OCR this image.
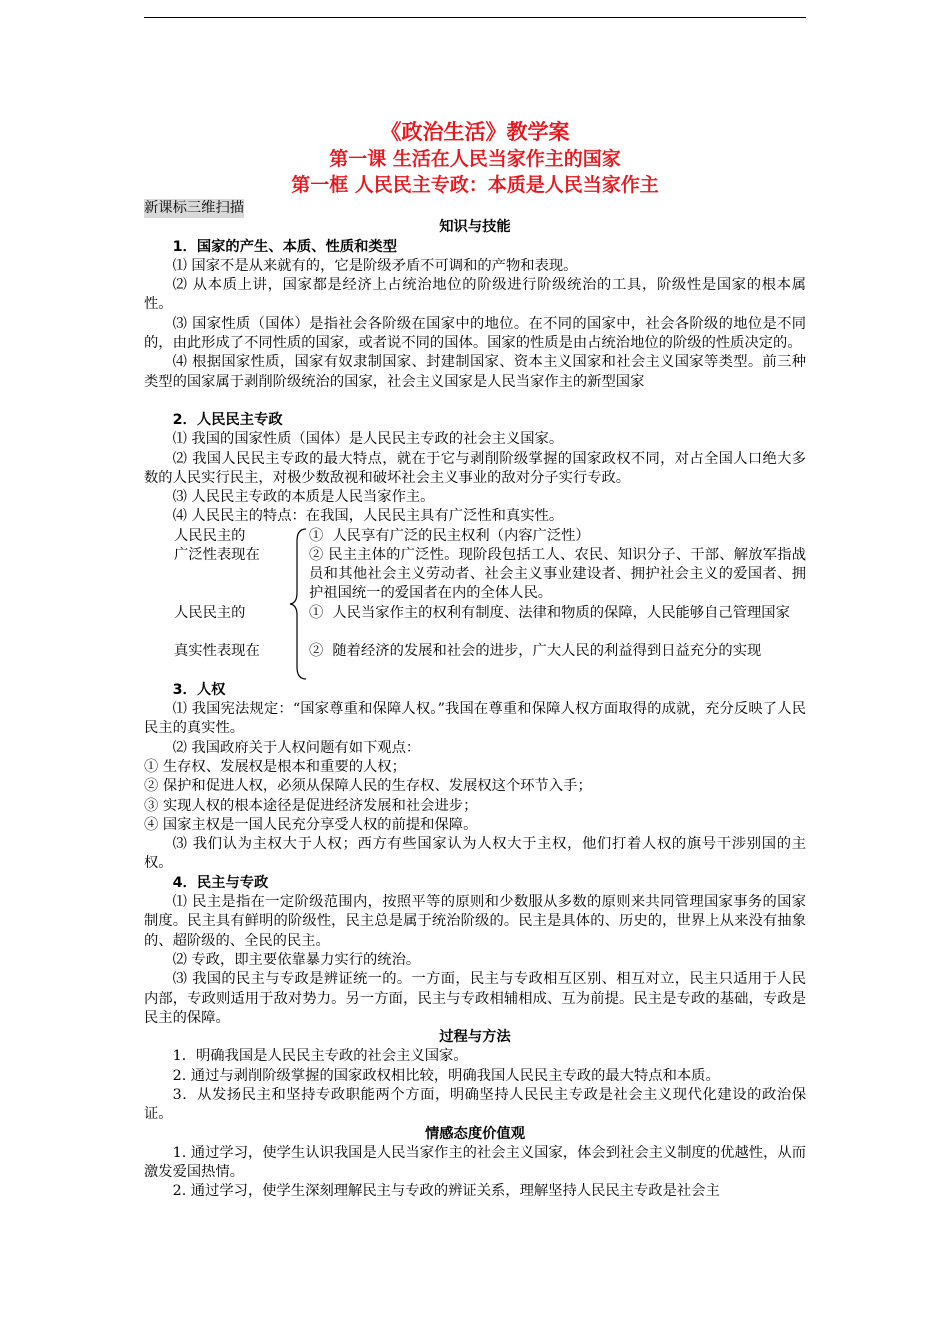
《政治生活》教学案
第一课 生活在人民当家作主的国家
第一框 人民民主专政：本质是人民当家作主
新课标三维扫描
知识与技能
1．国家的产生、本质、性质和类型
⑴ 国家不是从来就有的，它是阶级矛盾不可调和的产物和表现。
⑵ 从本质上讲，国家都是经济上占统治地位的阶级进行阶级统治的工具，阶级性是国家的根本属性。
⑶ 国家性质（国体）是指社会各阶级在国家中的地位。在不同的国家中，社会各阶级的地位是不同的，由此形成了不同性质的国家，或者说不同的国体。国家的性质是由占统治地位的阶级的性质决定的。
⑷ 根据国家性质，国家有奴隶制国家、封建制国家、资本主义国家和社会主义国家等类型。前三种类型的国家属于剥削阶级统治的国家，社会主义国家是人民当家作主的新型国家
2．人民民主专政
⑴ 我国的国家性质（国体）是人民民主专政的社会主义国家。
⑵ 我国人民民主专政的最大特点，就在于它与剥削阶级掌握的国家政权不同，对占全国人口绝大多数的人民实行民主，对极少数敌视和破坏社会主义事业的敌对分子实行专政。
⑶ 人民民主专政的本质是人民当家作主。
⑷ 人民民主的特点：在我国，人民民主具有广泛性和真实性。
人民民主的
广泛性表现在
①  人民享有广泛的民主权利（内容广泛性）
② 民主主体的广泛性。现阶段包括工人、农民、知识分子、干部、解放军指战员和其他社会主义劳动者、社会主义事业建设者、拥护社会主义的爱国者、拥护祖国统一的爱国者在内的全体人民。
人民民主的
真实性表现在
①  人民当家作主的权利有制度、法律和物质的保障，人民能够自己管理国家
②  随着经济的发展和社会的进步，广大人民的利益得到日益充分的实现
3．人权
⑴ 我国宪法规定：“国家尊重和保障人权。”我国在尊重和保障人权方面取得的成就，充分反映了人民民主的真实性。
⑵ 我国政府关于人权问题有如下观点：
① 生存权、发展权是根本和重要的人权；
② 保护和促进人权，必须从保障人民的生存权、发展权这个环节入手；
③ 实现人权的根本途径是促进经济发展和社会进步；
④ 国家主权是一国人民充分享受人权的前提和保障。
⑶ 我们认为主权大于人权；西方有些国家认为人权大于主权，他们打着人权的旗号干涉别国的主权。
4．民主与专政
⑴ 民主是指在一定阶级范围内，按照平等的原则和少数服从多数的原则来共同管理国家事务的国家制度。民主具有鲜明的阶级性，民主总是属于统治阶级的。民主是具体的、历史的，世界上从来没有抽象的、超阶级的、全民的民主。
⑵ 专政，即主要依靠暴力实行的统治。
⑶ 我国的民主与专政是辨证统一的。一方面，民主与专政相互区别、相互对立，民主只适用于人民内部，专政则适用于敌对势力。另一方面，民主与专政相辅相成、互为前提。民主是专政的基础，专政是民主的保障。
过程与方法
1．明确我国是人民民主专政的社会主义国家。
2. 通过与剥削阶级掌握的国家政权相比较，明确我国人民民主专政的最大特点和本质。
3．从发扬民主和坚持专政职能两个方面，明确坚持人民民主专政是社会主义现代化建设的政治保证。
情感态度价值观
1. 通过学习，使学生认识我国是人民当家作主的社会主义国家，体会到社会主义制度的优越性，从而激发爱国热情。
2. 通过学习，使学生深刻理解民主与专政的辨证关系，理解坚持人民民主专政是社会主
